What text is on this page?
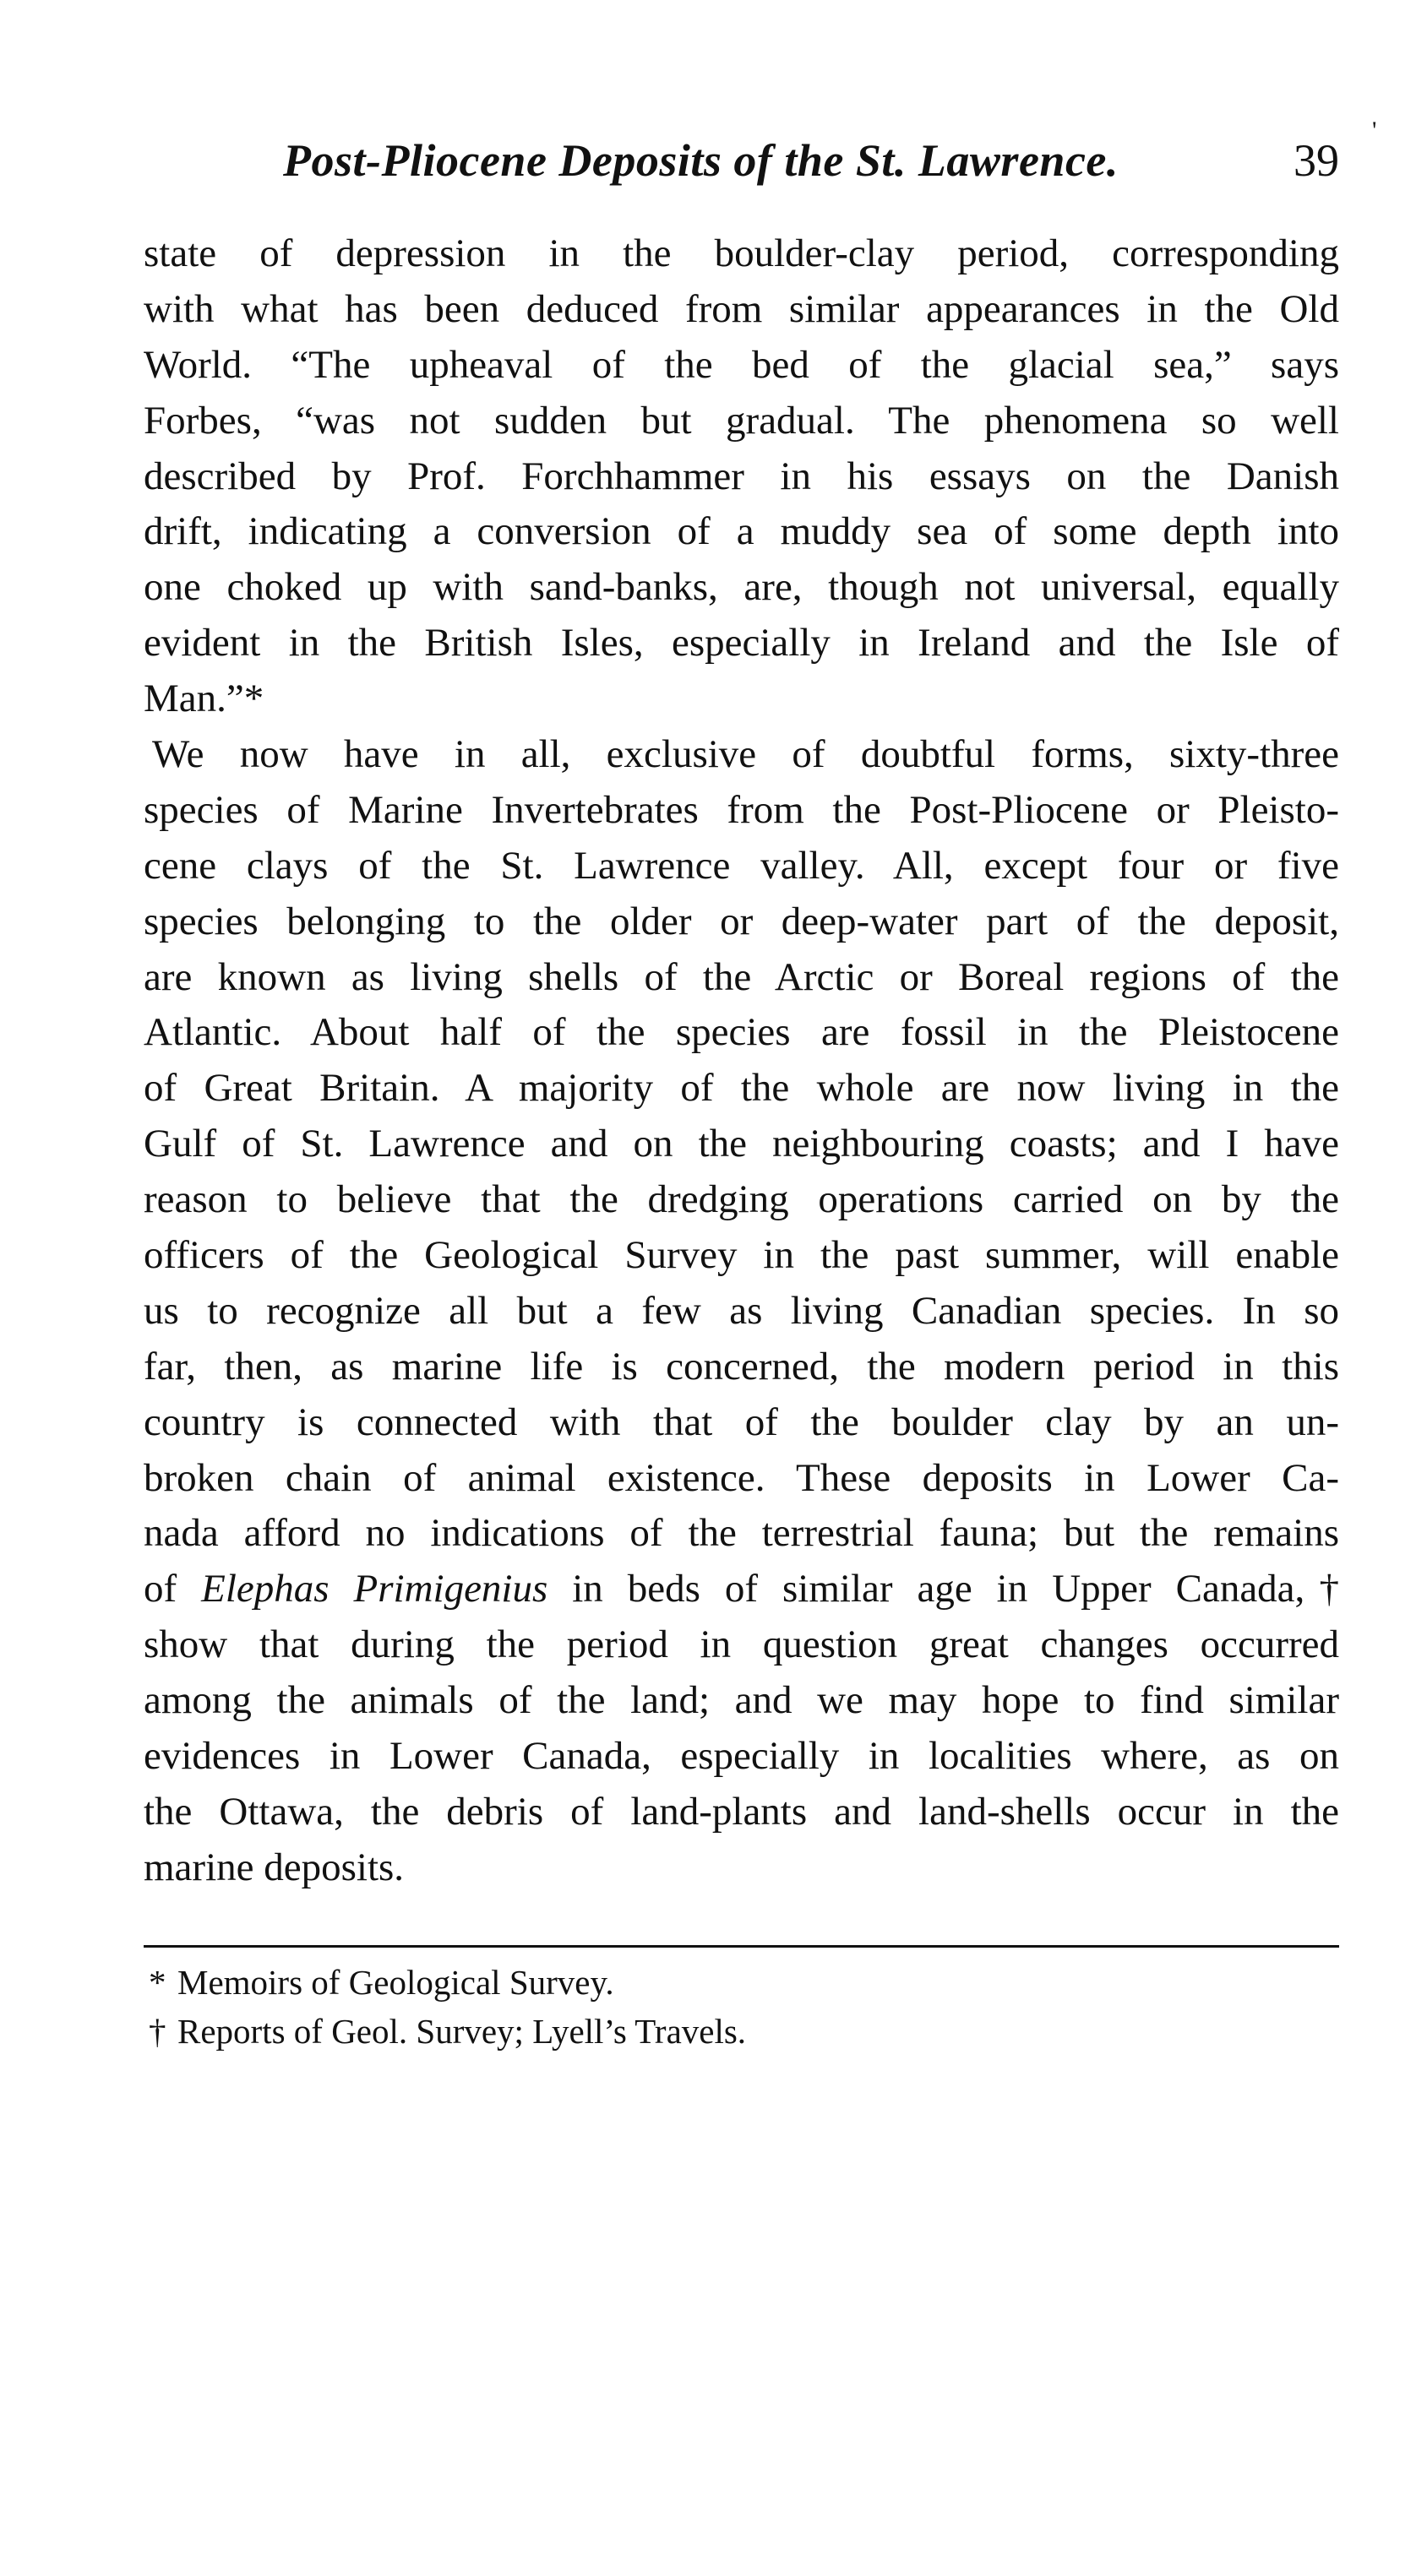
'
Post-Pliocene Deposits of the St. Lawrence.	39
state of depression in the boulder-clay period, corresponding
with what has been deduced from similar appearances in the Old
World. “The upheaval of the bed of the glacial sea,” says
Forbes, “was not sudden but gradual. The phenomena so well
described by Prof. Forchhammer in his essays on the Danish
drift, indicating a conversion of a muddy sea of some depth into
one choked up with sand-banks, are, though not universal, equally
evident in the British Isles, especially in Ireland and the Isle of
Man.”*
We now have in all, exclusive of doubtful forms, sixty-three
species of Marine Invertebrates from the Post-Pliocene or Pleisto-
cene clays of the St. Lawrence valley. All, except four or five
species belonging to the older or deep-water part of the deposit,
are known as living shells of the Arctic or Boreal regions of the
Atlantic. About half of the species are fossil in the Pleistocene
of Great Britain. A majority of the whole are now living in the
Gulf of St. Lawrence and on the neighbouring coasts; and I have
reason to believe that the dredging operations carried on by the
officers of the Geological Survey in the past summer, will enable
us to recognize all but a few as living Canadian species. In so
far, then, as marine life is concerned, the modern period in this
country is connected with that of the boulder clay by an un-
broken chain of animal existence. These deposits in Lower Ca-
nada afford no indications of the terrestrial fauna; but the remains
of Elephas Primigenius in beds of similar age in Upper Canada,†
show that during the period in question great changes occurred
among the animals of the land; and we may hope to find similar
evidences in Lower Canada, especially in localities where, as on
the Ottawa, the debris of land-plants and land-shells occur in the
marine deposits.
* Memoirs of Geological Survey.
† Reports of Geol. Survey; Lyell’s Travels.
